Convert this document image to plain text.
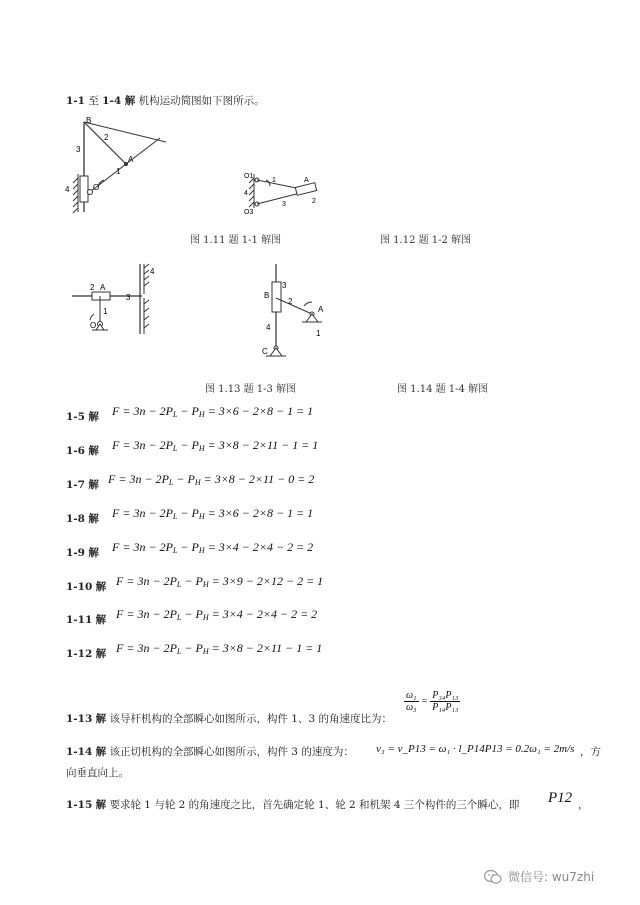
1-1 至 1-4 解 机构运动简图如下图所示。
B
3
2
A
1
4	O
O1
1
4
O3
3
A
2
图 1.11 题 1-1 解图	图 1.12 题 1-2 解图
2 A
3
4
1
O
B
3
2
A
1
4
C
图 1.13 题 1-3 解图	图 1.14 题 1-4 解图
1-5 解 $F = 3n - 2P_L - P_H = 3\times 6 - 2\times 8 - 1 = 1$
1-6 解 $F = 3n - 2P_L - P_H = 3\times 8 - 2\times 11 - 1 = 1$
1-7 解 $F = 3n - 2P_L - P_H = 3\times 8 - 2\times 11 - 0 = 2$
1-8 解 $F = 3n - 2P_L - P_H = 3\times 6 - 2\times 8 - 1 = 1$
1-9 解 $F = 3n - 2P_L - P_H = 3\times 4 - 2\times 4 - 2 = 2$
1-10 解 $F = 3n - 2P_L - P_H = 3\times 9 - 2\times 12 - 2 = 1$
1-11 解 $F = 3n - 2P_L - P_H = 3\times 4 - 2\times 4 - 2 = 2$
1-12 解 $F = 3n - 2P_L - P_H = 3\times 8 - 2\times 11 - 1 = 1$
1-13 解 该导杆机构的全部瞬心如图所示，构件 1、3 的角速度比为：
$\frac{\text{ω₁}}{\text{ω₃}} = \frac{\text{P₃₄P₁₃}}{\text{P₁₄P₁₃}}$
1-14 解 该正切机构的全部瞬心如图所示，构件 3 的速度为： v₃ = v_P13 = ω₁ · l_P14P13 = 0.2ω₁ = 2m/s ，方
向垂直向上。
1-15 解 要求轮 1 与轮 2 的角速度之比，首先确定轮 1、轮 2 和机架 4 三个构件的三个瞬心，即 P12 ，
微信号: wu7zhi
